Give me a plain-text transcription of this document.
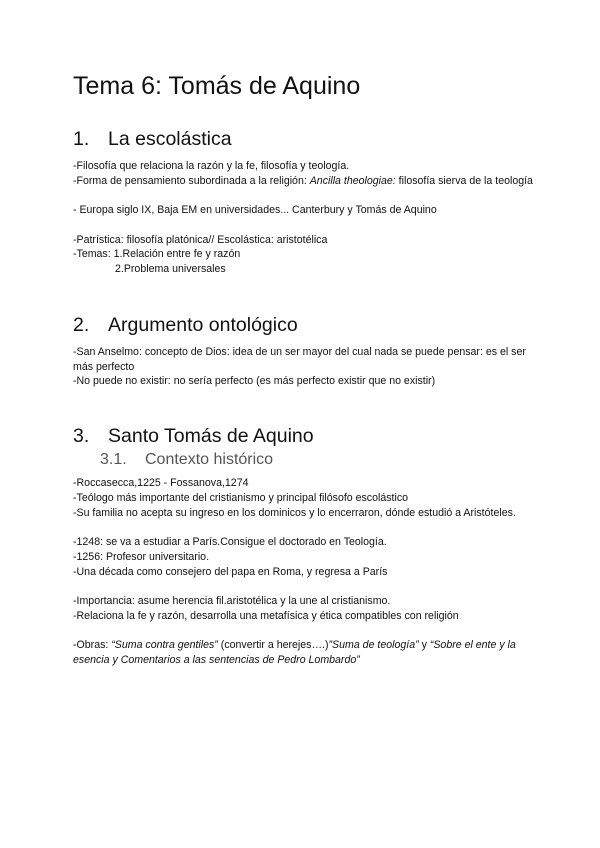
Tema 6: Tomás de Aquino
1. La escolástica
-Filosofía que relaciona la razón y la fe, filosofía y teología.
-Forma de pensamiento subordinada a la religión: Ancilla theologiae: filosofía sierva de la teología
- Europa siglo IX, Baja EM en universidades... Canterbury y Tomás de Aquino
-Patrística: filosofía platónica// Escolástica: aristotélica
-Temas: 1.Relación entre fe y razón
2.Problema universales
2. Argumento ontológico
-San Anselmo: concepto de Dios: idea de un ser mayor del cual nada se puede pensar: es el ser más perfecto
-No puede no existir: no sería perfecto (es más perfecto existir que no existir)
3. Santo Tomás de Aquino
3.1. Contexto histórico
-Roccasecca,1225 - Fossanova,1274
-Teólogo más importante del cristianismo y principal filósofo escolástico
-Su familia no acepta su ingreso en los dominicos y lo encerraron, dónde estudió a Aristóteles.
-1248: se va a estudiar a París.Consigue el doctorado en Teología.
-1256: Profesor universitario.
-Una década como consejero del papa en Roma, y regresa a París
-Importancia: asume herencia fil.aristotélica y la une al cristianismo.
-Relaciona la fe y razón, desarrolla una metafísica y ética compatibles con religión
-Obras: “Suma contra gentiles” (convertir a herejes….)”Suma de teología” y “Sobre el ente y la esencia y Comentarios a las sentencias de Pedro Lombardo”
